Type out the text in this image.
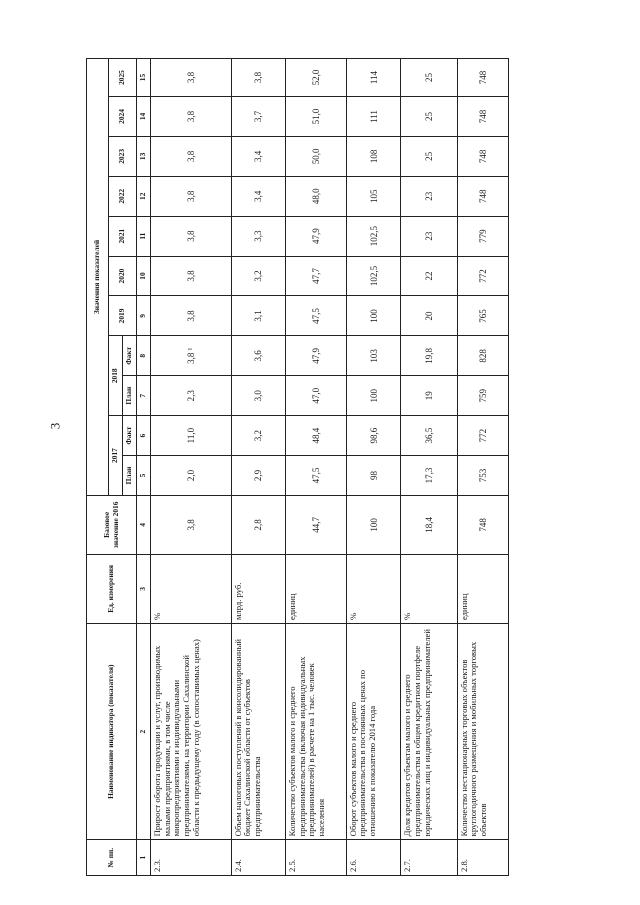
3
№ пп.	Наименование индикатора (показателя)	Ед. измерения	Базовое значение 2016	Значения показателей										
				2017		2018		2019	2020	2021	2022	2023	2024	2025
				План	Факт	План	Факт							
1	2	3	4	5	6	7	8	9	10	11	12	13	14	15
2.3.	Прирост оборота продукции и услуг, производимых малыми предприятиями, в том числе микропредприятиями и индивидуальными предпринимателями, на территории Сахалинской области к предыдущему году (в сопоставимых ценах)	%	3,8	2,0	11,0	2,3	3,8 ¹	3,8	3,8	3,8	3,8	3,8	3,8	3,8
2.4.	Объем налоговых поступлений в консолидированный бюджет Сахалинской области от субъектов предпринимательства	млрд. руб.	2,8	2,9	3,2	3,0	3,6	3,1	3,2	3,3	3,4	3,4	3,7	3,8
2.5.	Количество субъектов малого и среднего предпринимательства (включая индивидуальных предпринимателей) в расчете на 1 тыс. человек населения	единиц	44,7	47,5	48,4	47,0	47,9	47,5	47,7	47,9	48,0	50,0	51,0	52,0
2.6.	Оборот субъектов малого и среднего предпринимательства в постоянных ценах по отношению к показателю 2014 года	%	100	98	98,6	100	103	100	102,5	102,5	105	108	111	114
2.7.	Доля кредитов субъектам малого и среднего предпринимательства в общем кредитном портфеле юридических лиц и индивидуальных предпринимателей	%	18,4	17,3	36,5	19	19,8	20	22	23	23	25	25	25
2.8.	Количество нестационарных торговых объектов круглогодичного размещения и мобильных торговых объектов	единиц	748	753	772	759	828	765	772	779	748	748	748	748
